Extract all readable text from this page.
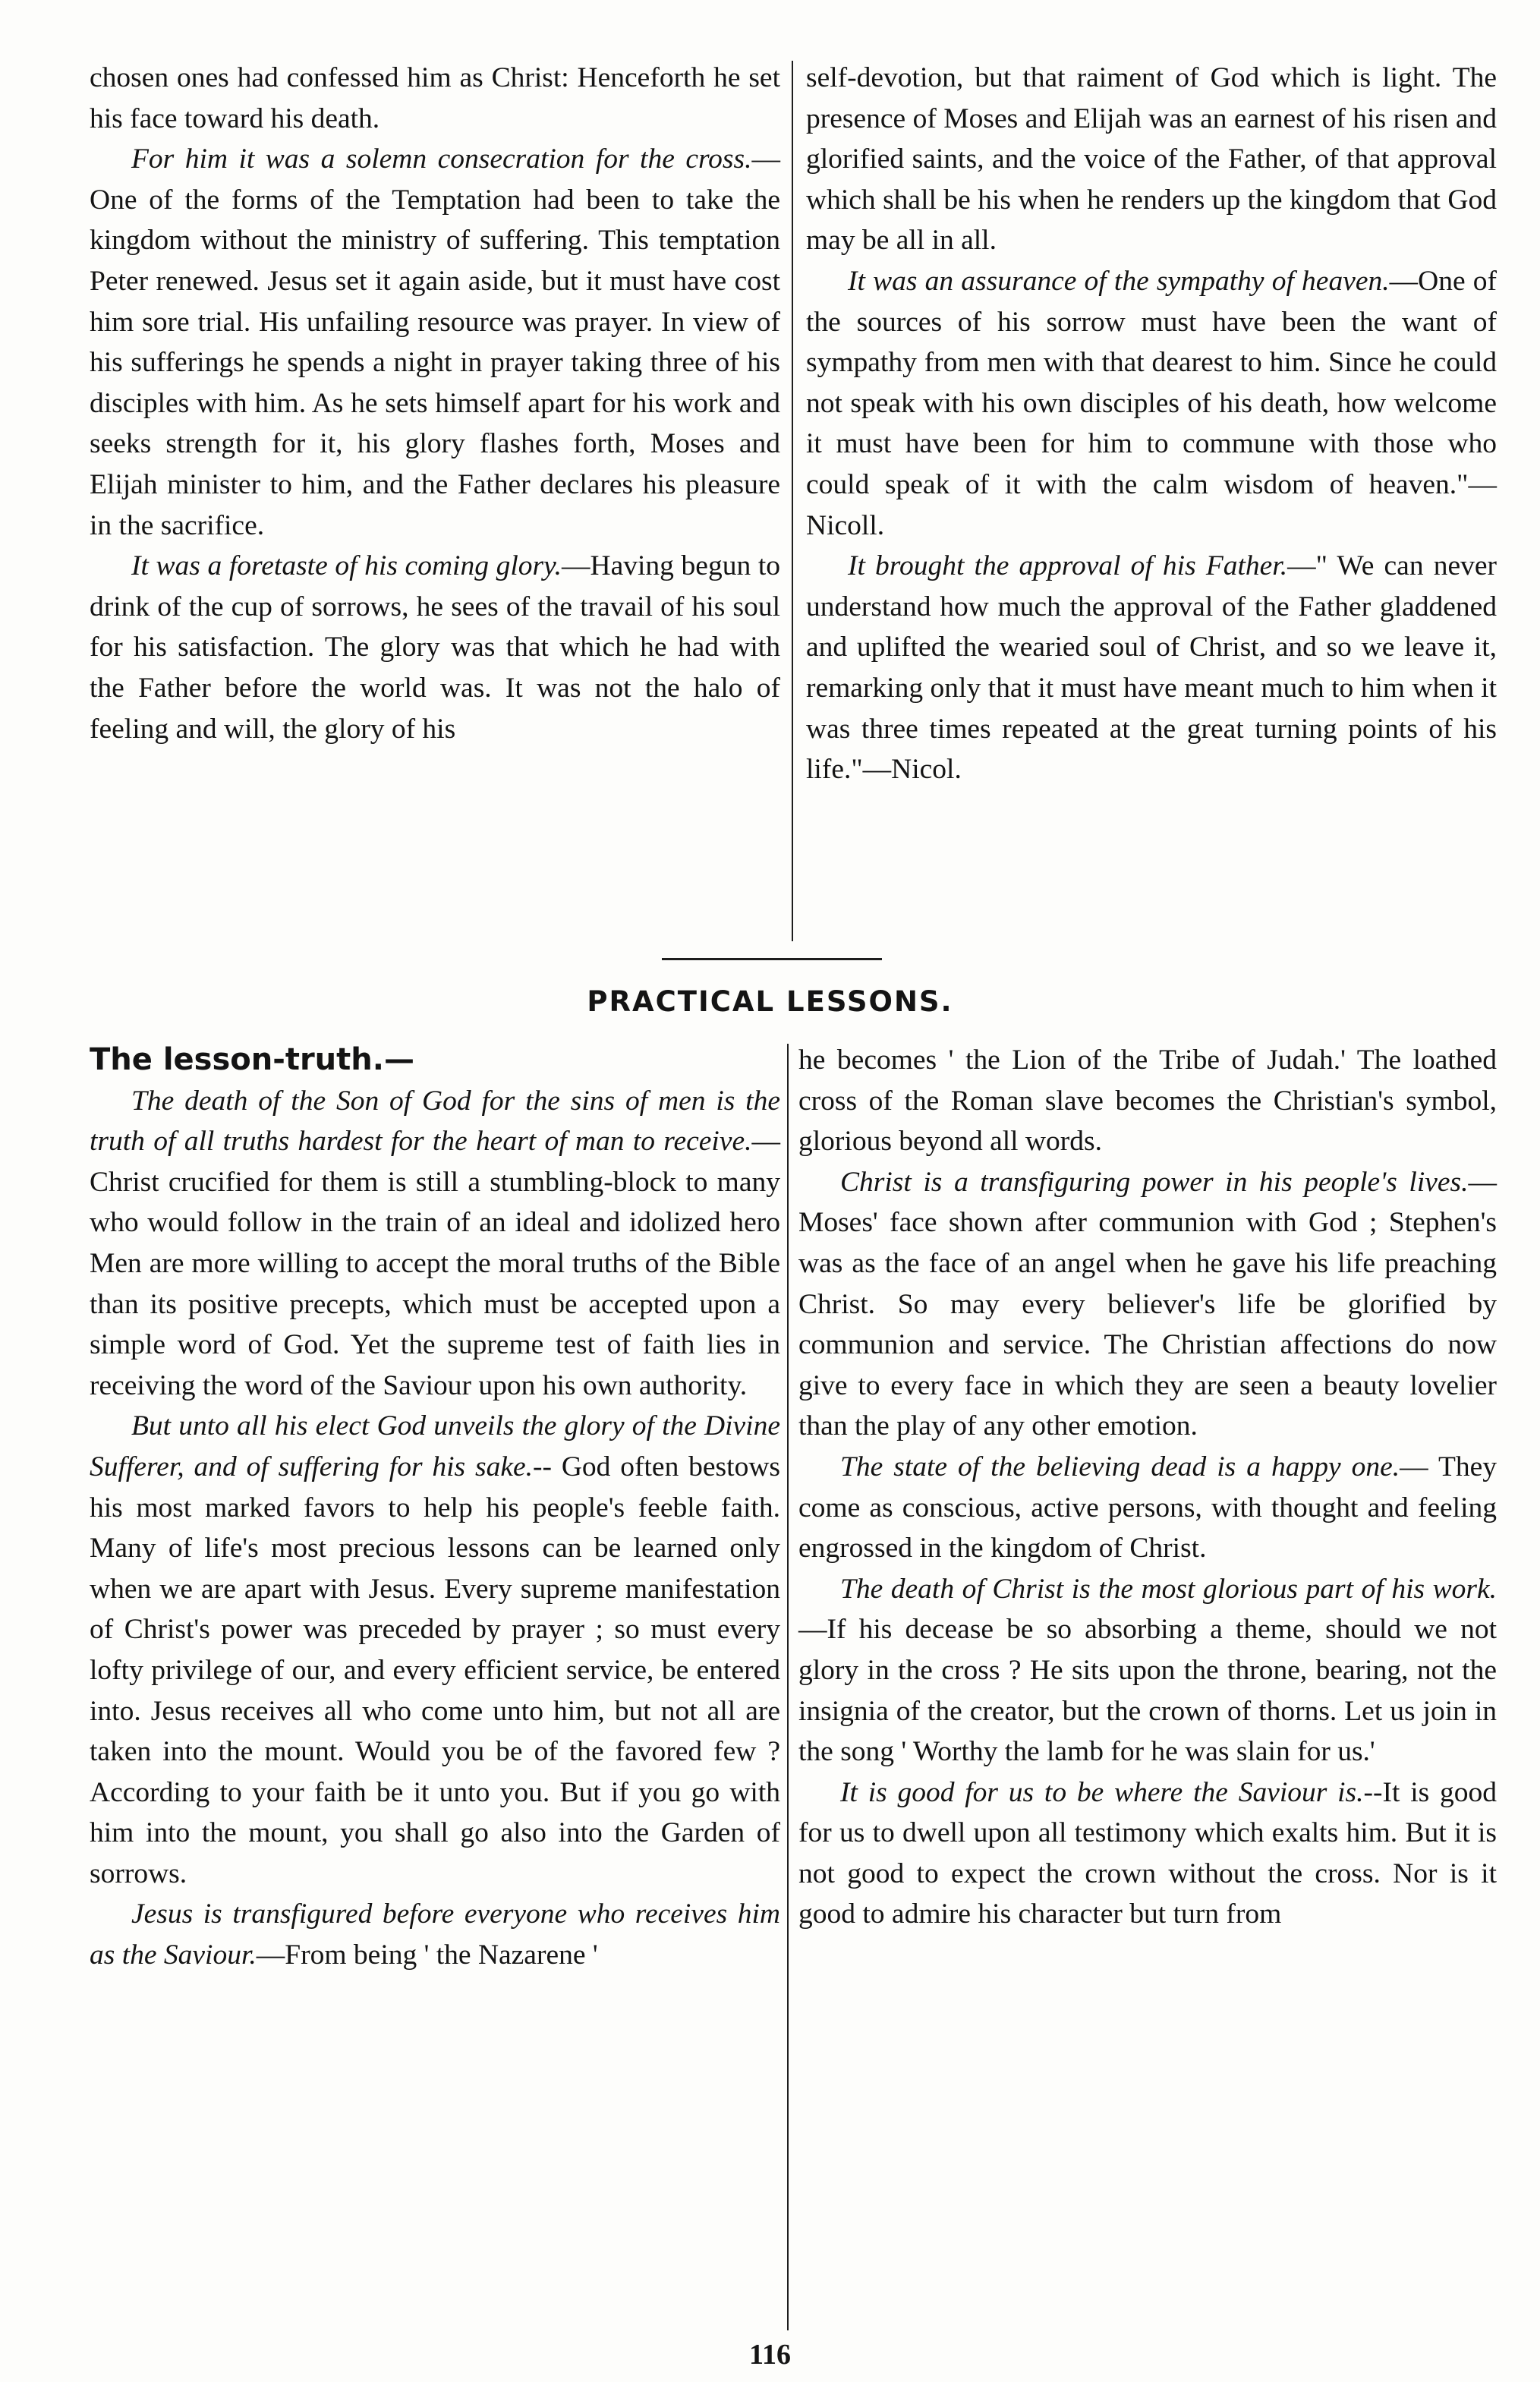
chosen ones had confessed him as Christ: Henceforth he set his face toward his death.

For him it was a solemn consecration for the cross.—One of the forms of the Temptation had been to take the kingdom without the ministry of suffering. This temptation Peter renewed. Jesus set it again aside, but it must have cost him sore trial. His unfailing resource was prayer. In view of his sufferings he spends a night in prayer taking three of his disciples with him. As he sets himself apart for his work and seeks strength for it, his glory flashes forth, Moses and Elijah minister to him, and the Father declares his pleasure in the sacrifice.

It was a foretaste of his coming glory.—Having begun to drink of the cup of sorrows, he sees of the travail of his soul for his satisfaction. The glory was that which he had with the Father before the world was. It was not the halo of feeling and will, the glory of his

self-devotion, but that raiment of God which is light. The presence of Moses and Elijah was an earnest of his risen and glorified saints, and the voice of the Father, of that approval which shall be his when he renders up the kingdom that God may be all in all.

It was an assurance of the sympathy of heaven.—One of the sources of his sorrow must have been the want of sympathy from men with that dearest to him. Since he could not speak with his own disciples of his death, how welcome it must have been for him to commune with those who could speak of it with the calm wisdom of heaven."—Nicoll.

It brought the approval of his Father.—" We can never understand how much the approval of the Father gladdened and uplifted the wearied soul of Christ, and so we leave it, remarking only that it must have meant much to him when it was three times repeated at the great turning points of his life."—Nicol.

PRACTICAL LESSONS.

The lesson-truth.—

The death of the Son of God for the sins of men is the truth of all truths hardest for the heart of man to receive.—Christ crucified for them is still a stumbling-block to many who would follow in the train of an ideal and idolized hero Men are more willing to accept the moral truths of the Bible than its positive precepts, which must be accepted upon a simple word of God. Yet the supreme test of faith lies in receiving the word of the Saviour upon his own authority.

But unto all his elect God unveils the glory of the Divine Sufferer, and of suffering for his sake.-- God often bestows his most marked favors to help his people's feeble faith. Many of life's most precious lessons can be learned only when we are apart with Jesus. Every supreme manifestation of Christ's power was preceded by prayer ; so must every lofty privilege of our, and every efficient service, be entered into. Jesus receives all who come unto him, but not all are taken into the mount. Would you be of the favored few ? According to your faith be it unto you. But if you go with him into the mount, you shall go also into the Garden of sorrows.

Jesus is transfigured before everyone who receives him as the Saviour.—From being ' the Nazarene '

he becomes ' the Lion of the Tribe of Judah.' The loathed cross of the Roman slave becomes the Christian's symbol, glorious beyond all words.

Christ is a transfiguring power in his people's lives.—Moses' face shown after communion with God ; Stephen's was as the face of an angel when he gave his life preaching Christ. So may every believer's life be glorified by communion and service. The Christian affections do now give to every face in which they are seen a beauty lovelier than the play of any other emotion.

The state of the believing dead is a happy one.— They come as conscious, active persons, with thought and feeling engrossed in the kingdom of Christ.

The death of Christ is the most glorious part of his work.—If his decease be so absorbing a theme, should we not glory in the cross ? He sits upon the throne, bearing, not the insignia of the creator, but the crown of thorns. Let us join in the song ' Worthy the lamb for he was slain for us.'

It is good for us to be where the Saviour is.--It is good for us to dwell upon all testimony which exalts him. But it is not good to expect the crown without the cross. Nor is it good to admire his character but turn from

116
